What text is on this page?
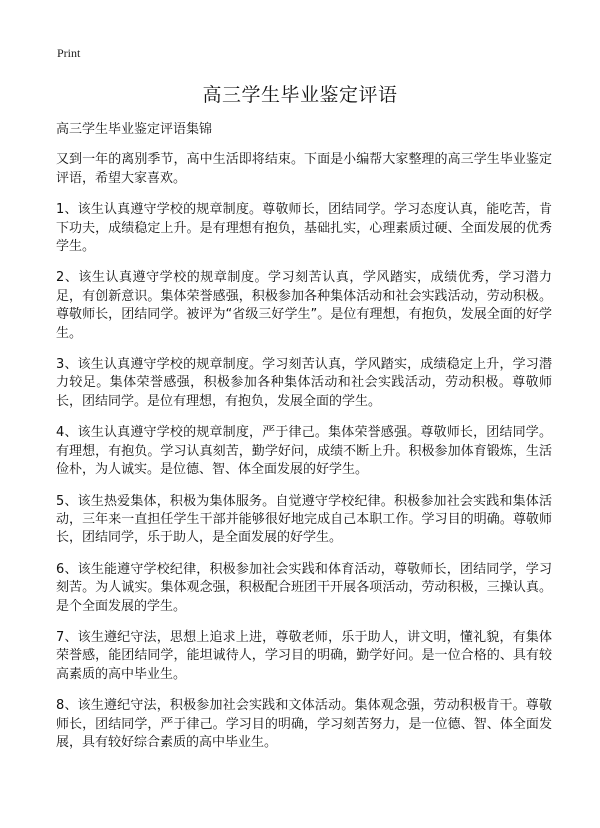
Print
高三学生毕业鉴定评语

高三学生毕业鉴定评语集锦

又到一年的离别季节，高中生活即将结束。下面是小编帮大家整理的高三学生毕业鉴定评语，希望大家喜欢。

1、该生认真遵守学校的规章制度。尊敬师长，团结同学。学习态度认真，能吃苦，肯下功夫，成绩稳定上升。是有理想有抱负，基础扎实，心理素质过硬、全面发展的优秀学生。

2、该生认真遵守学校的规章制度。学习刻苦认真，学风踏实，成绩优秀，学习潜力足，有创新意识。集体荣誉感强，积极参加各种集体活动和社会实践活动，劳动积极。尊敬师长，团结同学。被评为“省级三好学生”。是位有理想，有抱负，发展全面的好学生。

3、该生认真遵守学校的规章制度。学习刻苦认真，学风踏实，成绩稳定上升，学习潜力较足。集体荣誉感强，积极参加各种集体活动和社会实践活动，劳动积极。尊敬师长，团结同学。是位有理想，有抱负，发展全面的学生。

4、该生认真遵守学校的规章制度，严于律己。集体荣誉感强。尊敬师长，团结同学。有理想，有抱负。学习认真刻苦，勤学好问，成绩不断上升。积极参加体育锻炼，生活俭朴，为人诚实。是位德、智、体全面发展的好学生。

5、该生热爱集体，积极为集体服务。自觉遵守学校纪律。积极参加社会实践和集体活动，三年来一直担任学生干部并能够很好地完成自己本职工作。学习目的明确。尊敬师长，团结同学，乐于助人，是全面发展的好学生。

6、该生能遵守学校纪律，积极参加社会实践和体育活动，尊敬师长，团结同学，学习刻苦。为人诚实。集体观念强，积极配合班团干开展各项活动，劳动积极，三操认真。是个全面发展的学生。

7、该生遵纪守法，思想上追求上进，尊敬老师，乐于助人，讲文明，懂礼貌，有集体荣誉感，能团结同学，能坦诚待人，学习目的明确，勤学好问。是一位合格的、具有较高素质的高中毕业生。

8、该生遵纪守法，积极参加社会实践和文体活动。集体观念强，劳动积极肯干。尊敬师长，团结同学，严于律己。学习目的明确，学习刻苦努力，是一位德、智、体全面发展，具有较好综合素质的高中毕业生。
